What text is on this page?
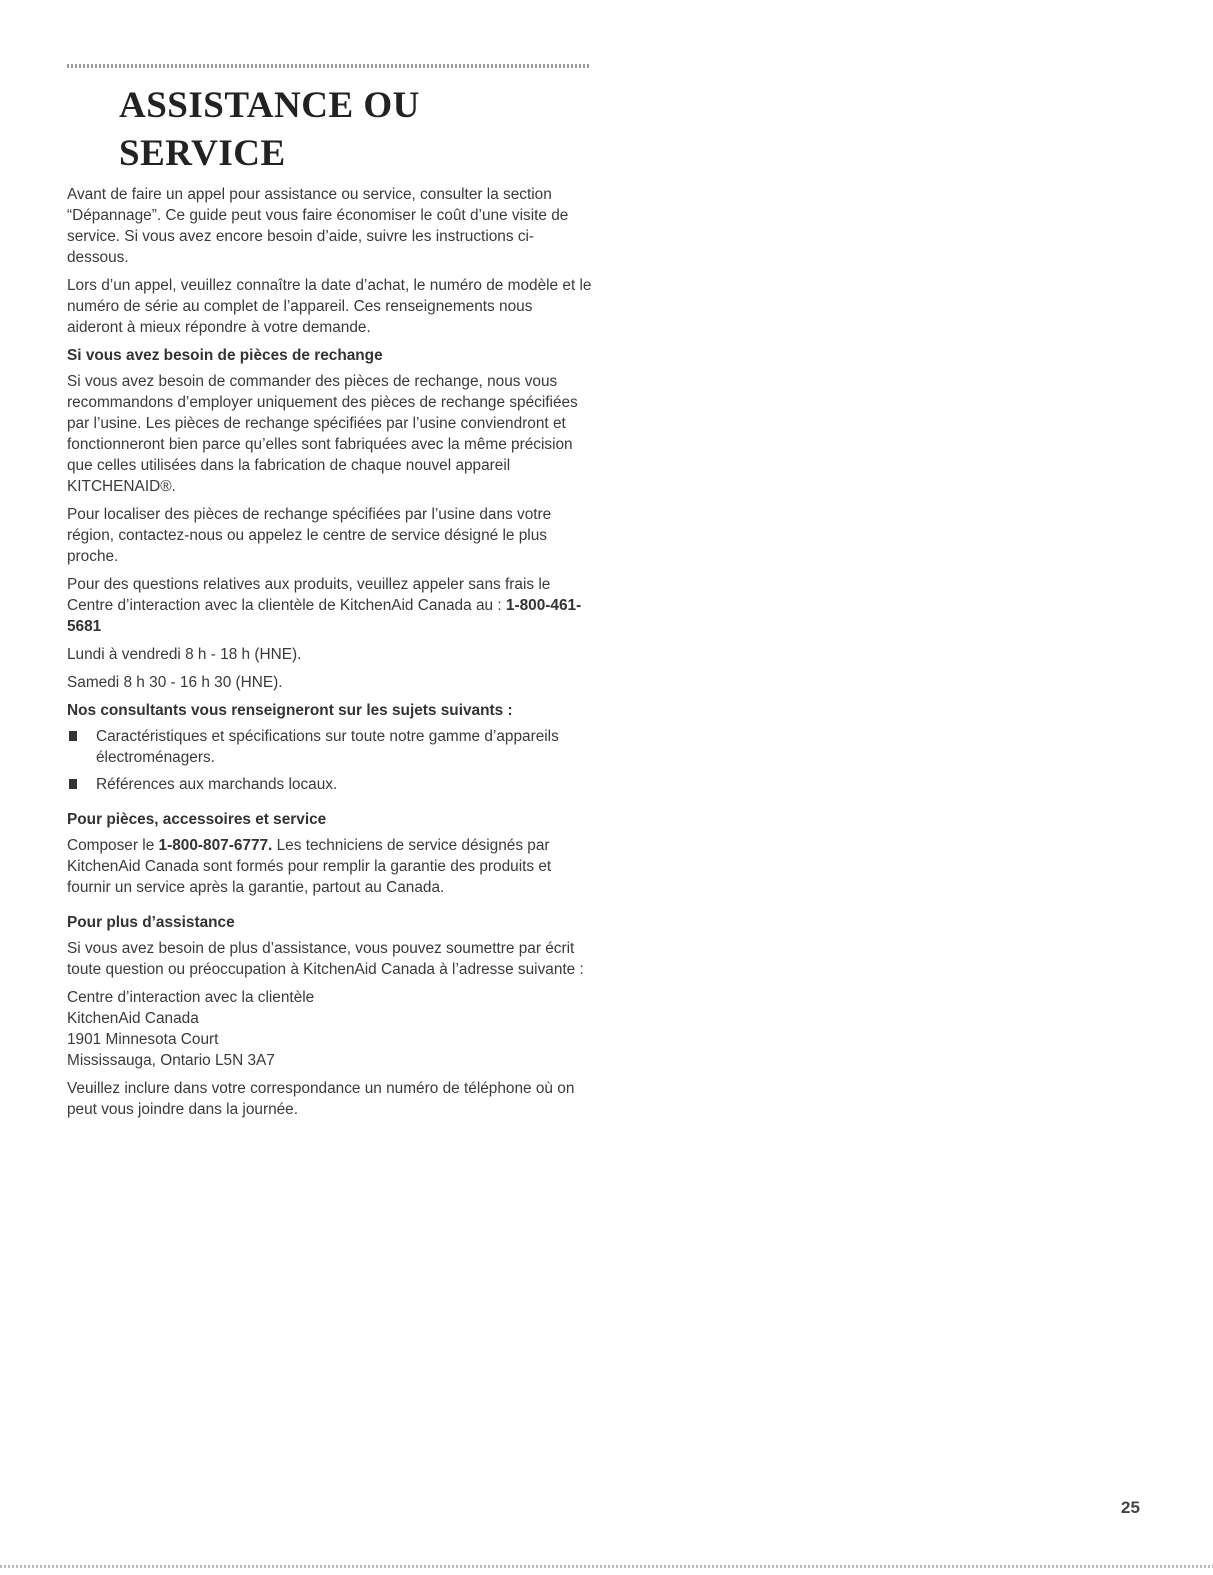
ASSISTANCE OU SERVICE

Avant de faire un appel pour assistance ou service, consulter la section “Dépannage”. Ce guide peut vous faire économiser le coût d’une visite de service. Si vous avez encore besoin d’aide, suivre les instructions ci-dessous.

Lors d’un appel, veuillez connaître la date d’achat, le numéro de modèle et le numéro de série au complet de l’appareil. Ces renseignements nous aideront à mieux répondre à votre demande.

Si vous avez besoin de pièces de rechange

Si vous avez besoin de commander des pièces de rechange, nous vous recommandons d’employer uniquement des pièces de rechange spécifiées par l’usine. Les pièces de rechange spécifiées par l’usine conviendront et fonctionneront bien parce qu’elles sont fabriquées avec la même précision que celles utilisées dans la fabrication de chaque nouvel appareil KITCHENAID®.

Pour localiser des pièces de rechange spécifiées par l’usine dans votre région, contactez-nous ou appelez le centre de service désigné le plus proche.

Pour des questions relatives aux produits, veuillez appeler sans frais le Centre d’interaction avec la clientèle de KitchenAid Canada au : 1-800-461-5681

Lundi à vendredi 8 h - 18 h (HNE).

Samedi 8 h 30 - 16 h 30 (HNE).

Nos consultants vous renseigneront sur les sujets suivants :
Caractéristiques et spécifications sur toute notre gamme d’appareils électroménagers.
Références aux marchands locaux.
Pour pièces, accessoires et service

Composer le 1-800-807-6777. Les techniciens de service désignés par KitchenAid Canada sont formés pour remplir la garantie des produits et fournir un service après la garantie, partout au Canada.

Pour plus d’assistance

Si vous avez besoin de plus d’assistance, vous pouvez soumettre par écrit toute question ou préoccupation à KitchenAid Canada à l’adresse suivante :

Centre d’interaction avec la clientèle

KitchenAid Canada

1901 Minnesota Court

Mississauga, Ontario L5N 3A7

Veuillez inclure dans votre correspondance un numéro de téléphone où on peut vous joindre dans la journée.

25
